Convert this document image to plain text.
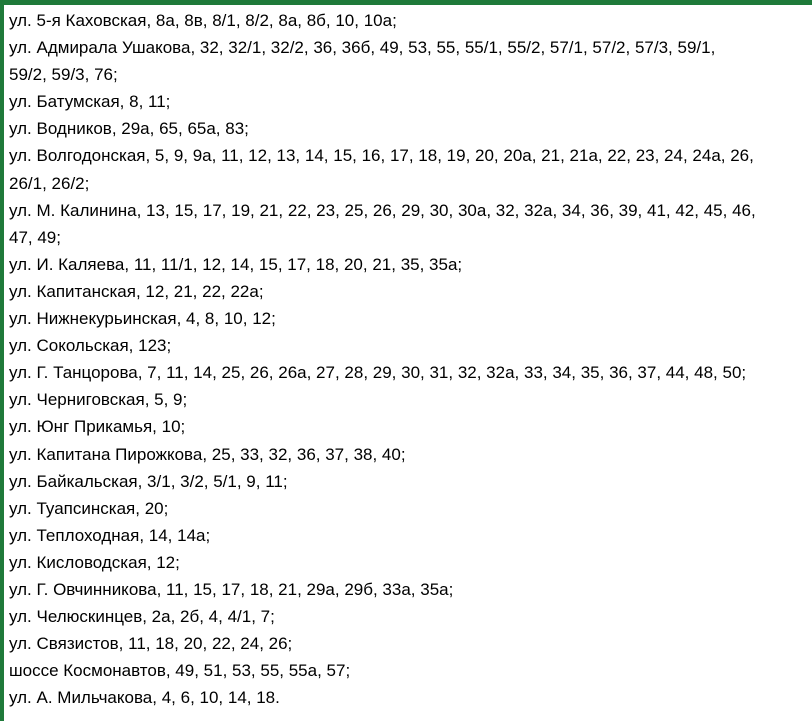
ул. 5-я Каховская, 8а, 8в, 8/1, 8/2, 8а, 8б, 10, 10а;
ул. Адмирала Ушакова, 32, 32/1, 32/2, 36, 36б, 49, 53, 55, 55/1, 55/2, 57/1, 57/2, 57/3, 59/1,
59/2, 59/3, 76;
ул. Батумская, 8, 11;
ул. Водников, 29а, 65, 65а, 83;
ул. Волгодонская, 5, 9, 9а, 11, 12, 13, 14, 15, 16, 17, 18, 19, 20, 20а, 21, 21а, 22, 23, 24, 24а, 26,
26/1, 26/2;
ул. М. Калинина, 13, 15, 17, 19, 21, 22, 23, 25, 26, 29, 30, 30а, 32, 32а, 34, 36, 39, 41, 42, 45, 46,
47, 49;
ул. И. Каляева, 11, 11/1, 12, 14, 15, 17, 18, 20, 21, 35, 35а;
ул. Капитанская, 12, 21, 22, 22а;
ул. Нижнекурьинская, 4, 8, 10, 12;
ул. Сокольская, 123;
ул. Г. Танцорова, 7, 11, 14, 25, 26, 26а, 27, 28, 29, 30, 31, 32, 32а, 33, 34, 35, 36, 37, 44, 48, 50;
ул. Черниговская, 5, 9;
ул. Юнг Прикамья, 10;
ул. Капитана Пирожкова, 25, 33, 32, 36, 37, 38, 40;
ул. Байкальская, 3/1, 3/2, 5/1, 9, 11;
ул. Туапсинская, 20;
ул. Теплоходная, 14, 14а;
ул. Кисловодская, 12;
ул. Г. Овчинникова, 11, 15, 17, 18, 21, 29а, 29б, 33а, 35а;
ул. Челюскинцев, 2а, 2б, 4, 4/1, 7;
ул. Связистов, 11, 18, 20, 22, 24, 26;
шоссе Космонавтов, 49, 51, 53, 55, 55а, 57;
ул. А. Мильчакова, 4, 6, 10, 14, 18.
